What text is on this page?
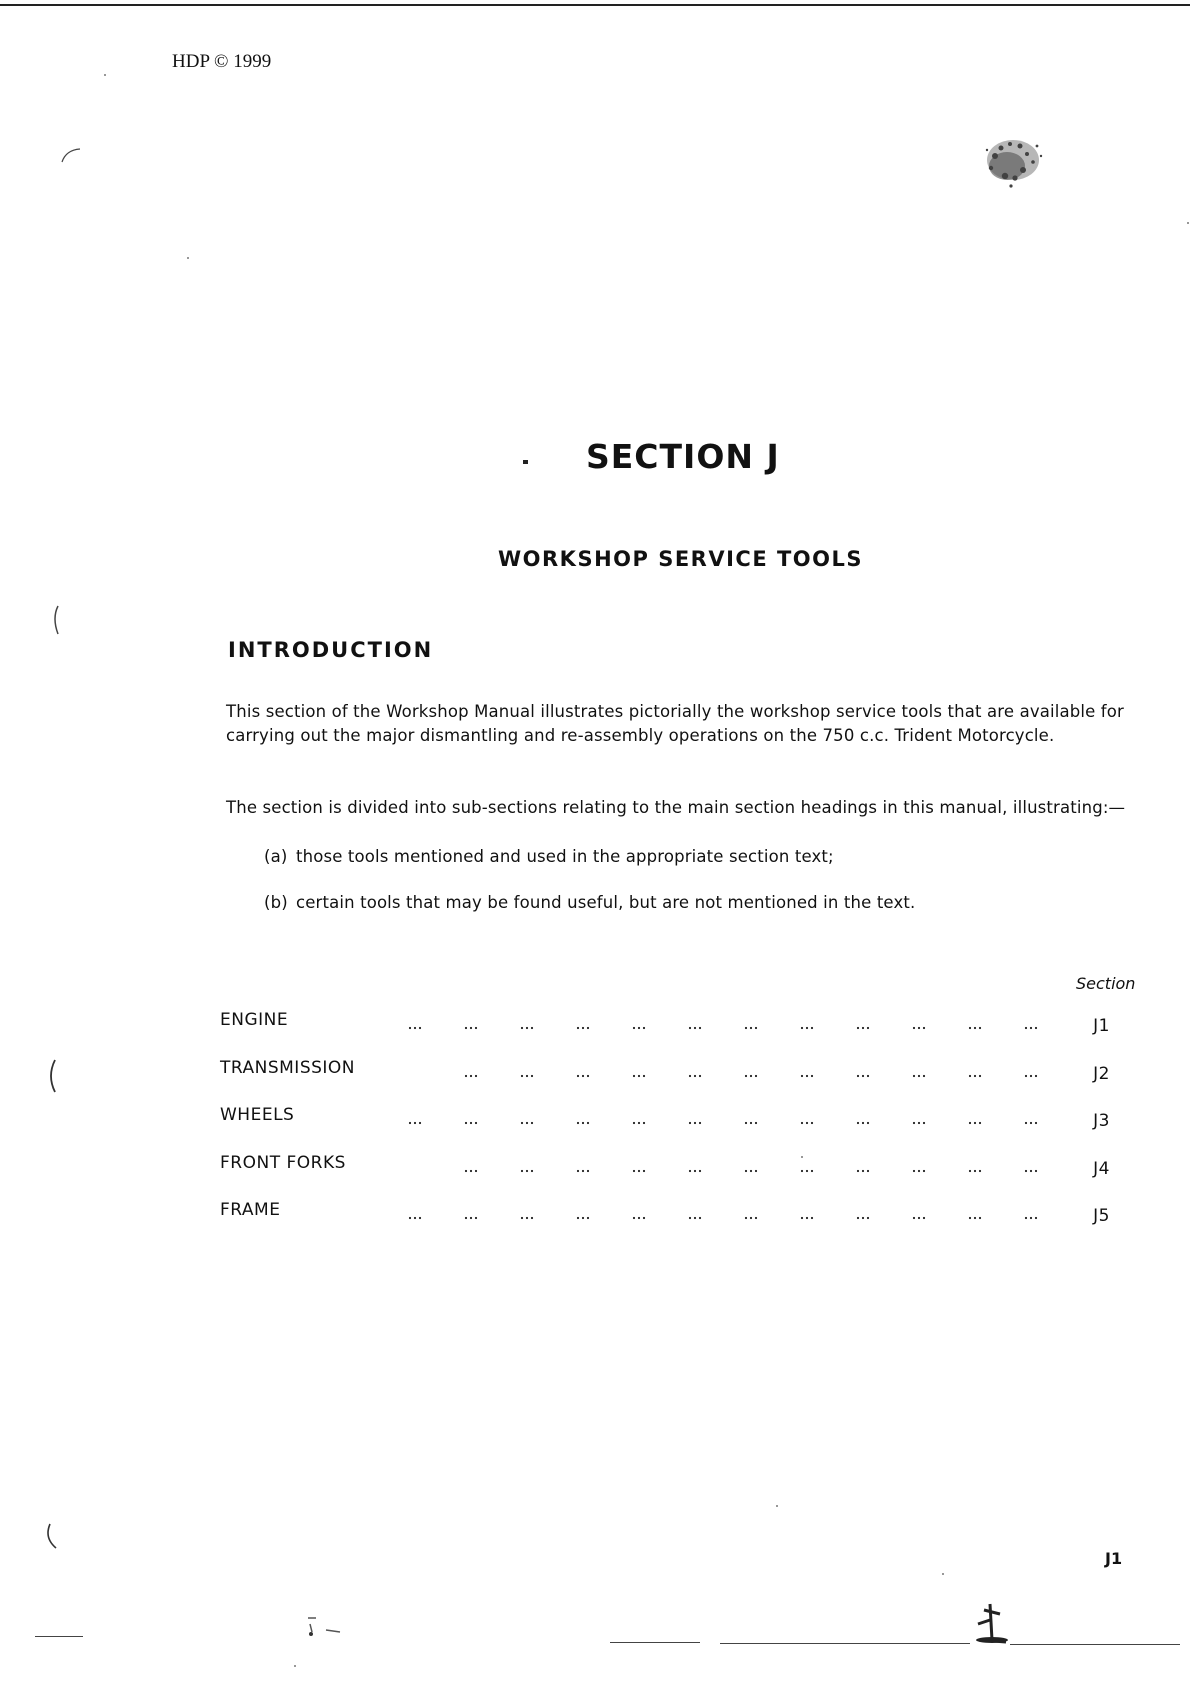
HDP © 1999
SECTION J
WORKSHOP SERVICE TOOLS
INTRODUCTION
This section of the Workshop Manual illustrates pictorially the workshop service tools that are available for carrying out the major dismantling and re-assembly operations on the 750 c.c. Trident Motorcycle.
The section is divided into sub-sections relating to the main section headings in this manual, illustrating:—
(a) those tools mentioned and used in the appropriate section text;
(b) certain tools that may be found useful, but are not mentioned in the text.
Section
ENGINE	J1
TRANSMISSION	J2
WHEELS	J3
FRONT FORKS	J4
FRAME	J5
J1
